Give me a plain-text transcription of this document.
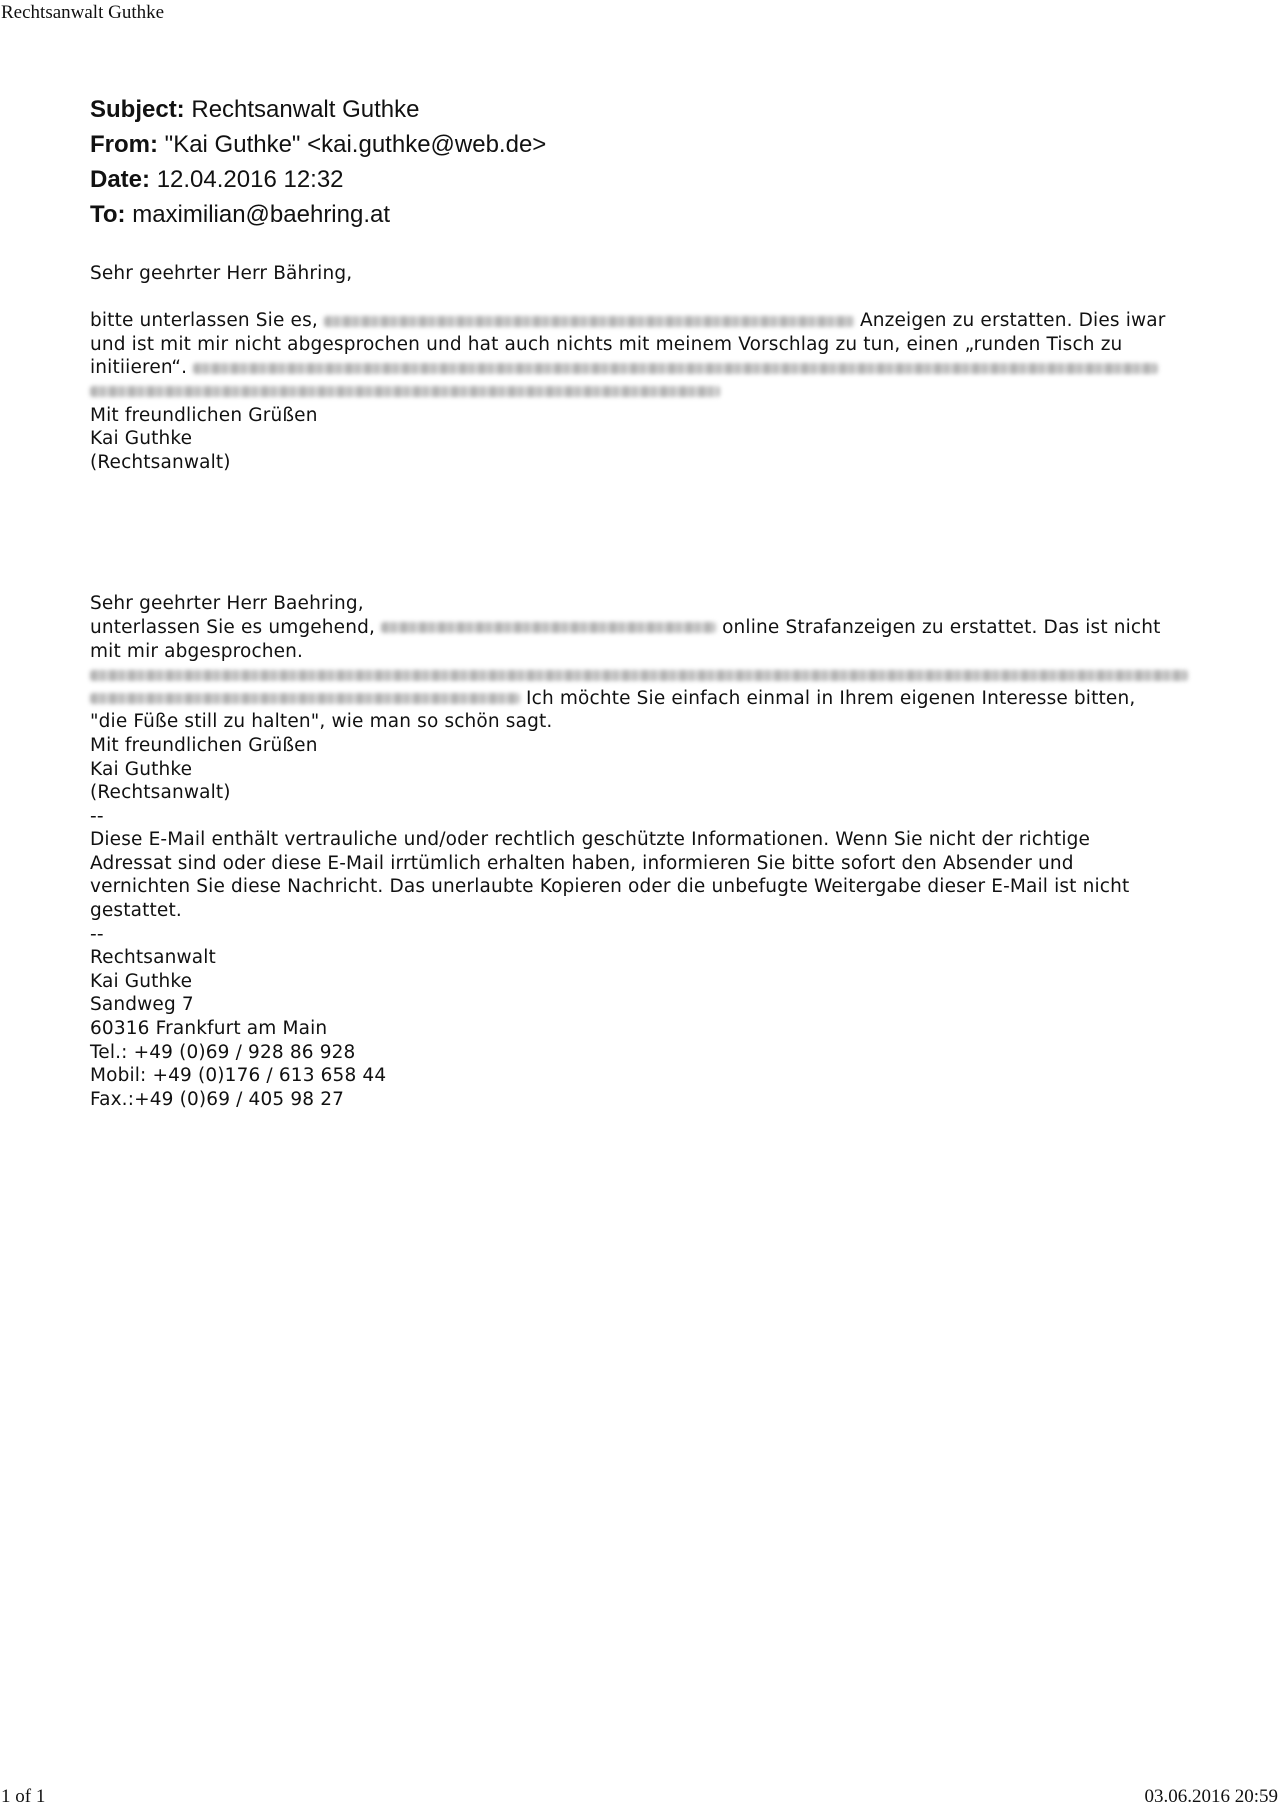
Rechtsanwalt Guthke
Subject: Rechtsanwalt Guthke
From: "Kai Guthke" <kai.guthke@web.de>
Date: 12.04.2016 12:32
To: maximilian@baehring.at
Sehr geehrter Herr Bähring,
bitte unterlassen Sie es,	Anzeigen zu erstatten. Dies iwar
und ist mit mir nicht abgesprochen und hat auch nichts mit meinem Vorschlag zu tun, einen „runden Tisch zu
initiieren“.
Mit freundlichen Grüßen
Kai Guthke
(Rechtsanwalt)
Sehr geehrter Herr Baehring,
unterlassen Sie es umgehend,	online Strafanzeigen zu erstattet. Das ist nicht
mit mir abgesprochen.
Ich möchte Sie einfach einmal in Ihrem eigenen Interesse bitten,
"die Füße still zu halten", wie man so schön sagt.
Mit freundlichen Grüßen
Kai Guthke
(Rechtsanwalt)
--
Diese E-Mail enthält vertrauliche und/oder rechtlich geschützte Informationen. Wenn Sie nicht der richtige
Adressat sind oder diese E-Mail irrtümlich erhalten haben, informieren Sie bitte sofort den Absender und
vernichten Sie diese Nachricht. Das unerlaubte Kopieren oder die unbefugte Weitergabe dieser E-Mail ist nicht
gestattet.
--
Rechtsanwalt
Kai Guthke
Sandweg 7
60316 Frankfurt am Main
Tel.: +49 (0)69 / 928 86 928
Mobil: +49 (0)176 / 613 658 44
Fax.:+49 (0)69 / 405 98 27
1 of 1	03.06.2016 20:59
